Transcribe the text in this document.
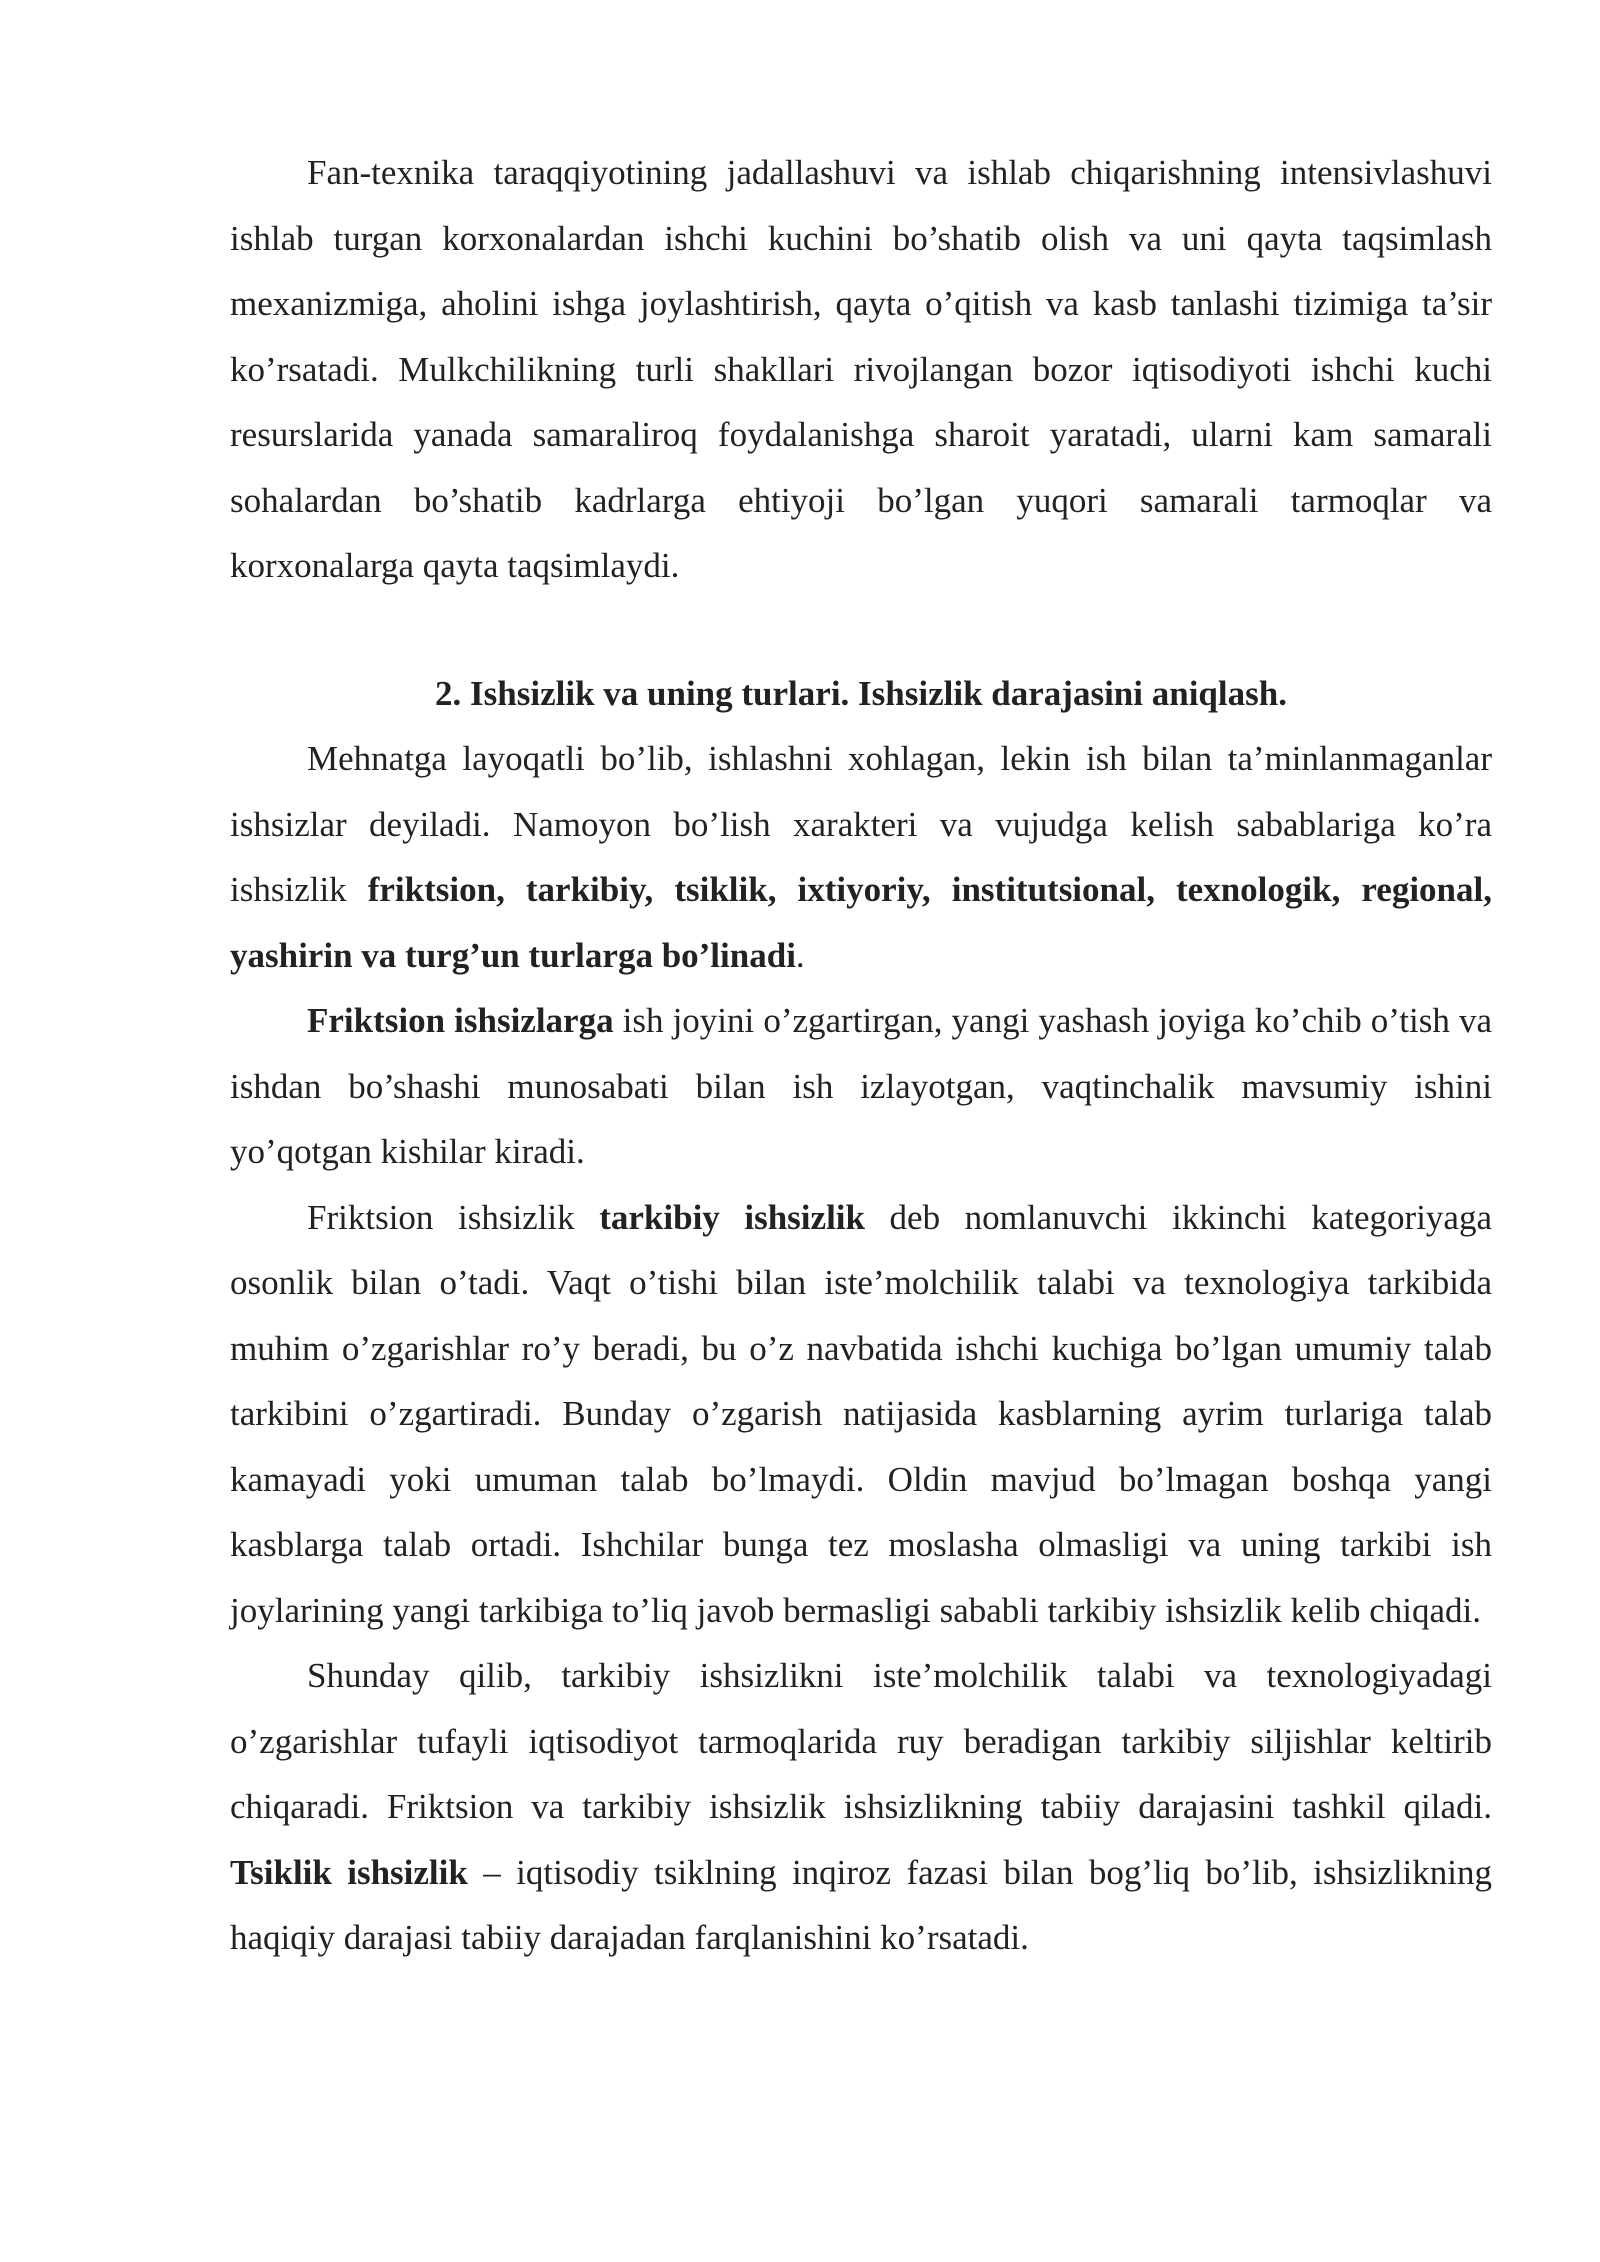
Fan-texnika taraqqiyotining jadallashuvi va ishlab chiqarishning intensivlashuvi ishlab turgan korxonalardan ishchi kuchini bo’shatib olish va uni qayta taqsimlash mexanizmiga, aholini ishga joylashtirish, qayta o’qitish va kasb tanlashi tizimiga ta’sir ko’rsatadi. Mulkchilikning turli shakllari rivojlangan bozor iqtisodiyoti ishchi kuchi resurslarida yanada samaraliroq foydalanishga sharoit yaratadi, ularni kam samarali sohalardan bo’shatib kadrlarga ehtiyoji bo’lgan yuqori samarali tarmoqlar va korxonalarga qayta taqsimlaydi.

2. Ishsizlik va uning turlari. Ishsizlik darajasini aniqlash.

Mehnatga layoqatli bo’lib, ishlashni xohlagan, lekin ish bilan ta’minlanmaganlar ishsizlar deyiladi. Namoyon bo’lish xarakteri va vujudga kelish sabablariga ko’ra ishsizlik friktsion, tarkibiy, tsiklik, ixtiyoriy, institutsional, texnologik, regional, yashirin va turg’un turlarga bo’linadi.

Friktsion ishsizlarga ish joyini o’zgartirgan, yangi yashash joyiga ko’chib o’tish va ishdan bo’shashi munosabati bilan ish izlayotgan, vaqtinchalik mavsumiy ishini yo’qotgan kishilar kiradi.

Friktsion ishsizlik tarkibiy ishsizlik deb nomlanuvchi ikkinchi kategoriyaga osonlik bilan o’tadi. Vaqt o’tishi bilan iste’molchilik talabi va texnologiya tarkibida muhim o’zgarishlar ro’y beradi, bu o’z navbatida ishchi kuchiga bo’lgan umumiy talab tarkibini o’zgartiradi. Bunday o’zgarish natijasida kasblarning ayrim turlariga talab kamayadi yoki umuman talab bo’lmaydi. Oldin mavjud bo’lmagan boshqa yangi kasblarga talab ortadi. Ishchilar bunga tez moslasha olmasligi va uning tarkibi ish joylarining yangi tarkibiga to’liq javob bermasligi sababli tarkibiy ishsizlik kelib chiqadi.

Shunday qilib, tarkibiy ishsizlikni iste’molchilik talabi va texnologiyadagi o’zgarishlar tufayli iqtisodiyot tarmoqlarida ruy beradigan tarkibiy siljishlar keltirib chiqaradi. Friktsion va tarkibiy ishsizlik ishsizlikning tabiiy darajasini tashkil qiladi. Tsiklik ishsizlik – iqtisodiy tsiklning inqiroz fazasi bilan bog’liq bo’lib, ishsizlikning haqiqiy darajasi tabiiy darajadan farqlanishini ko’rsatadi.
